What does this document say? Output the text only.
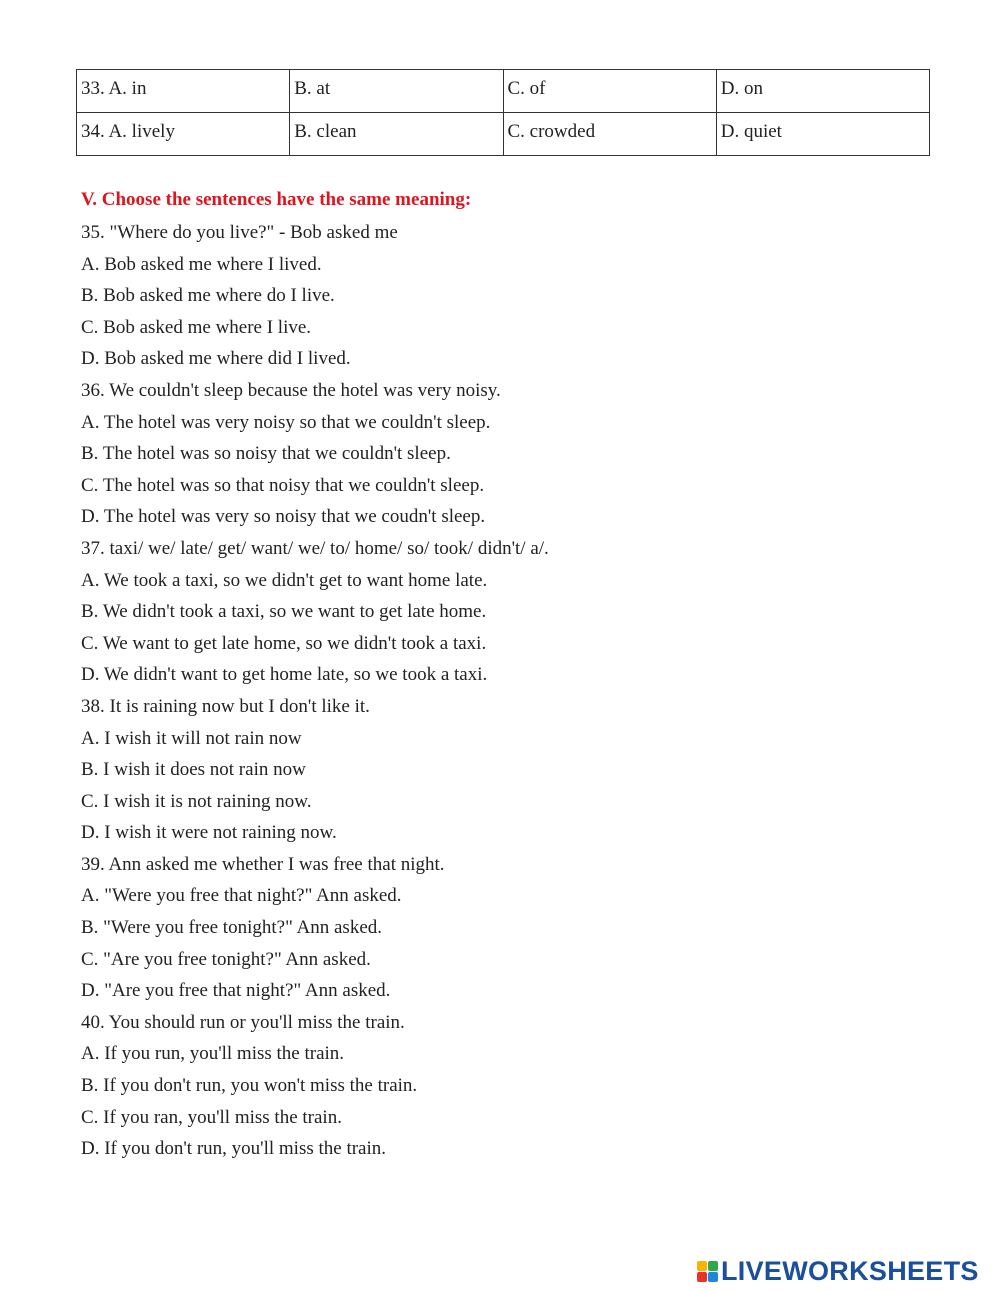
33. A. in	B. at	C. of	D. on
34. A. lively	B. clean	C. crowded	D. quiet
V. Choose the sentences have the same meaning:
35. "Where do you live?" - Bob asked me
A. Bob asked me where I lived.
B. Bob asked me where do I live.
C. Bob asked me where I live.
D. Bob asked me where did I lived.
36. We couldn't sleep because the hotel was very noisy.
A. The hotel was very noisy so that we couldn't sleep.
B. The hotel was so noisy that we couldn't sleep.
C. The hotel was so that noisy that we couldn't sleep.
D. The hotel was very so noisy that we coudn't sleep.
37. taxi/ we/ late/ get/ want/ we/ to/ home/ so/ took/ didn't/ a/.
A. We took a taxi, so we didn't get to want home late.
B. We didn't took a taxi, so we want to get late home.
C. We want to get late home, so we didn't took a taxi.
D. We didn't want to get home late, so we took a taxi.
38. It is raining now but I don't like it.
A. I wish it will not rain now
B. I wish it does not rain now
C. I wish it is not raining now.
D. I wish it were not raining now.
39. Ann asked me whether I was free that night.
A. "Were you free that night?" Ann asked.
B. "Were you free tonight?" Ann asked.
C. "Are you free tonight?" Ann asked.
D. "Are you free that night?" Ann asked.
40. You should run or you'll miss the train.
A. If you run, you'll miss the train.
B. If you don't run, you won't miss the train.
C. If you ran, you'll miss the train.
D. If you don't run, you'll miss the train.
LIVEWORKSHEETS
